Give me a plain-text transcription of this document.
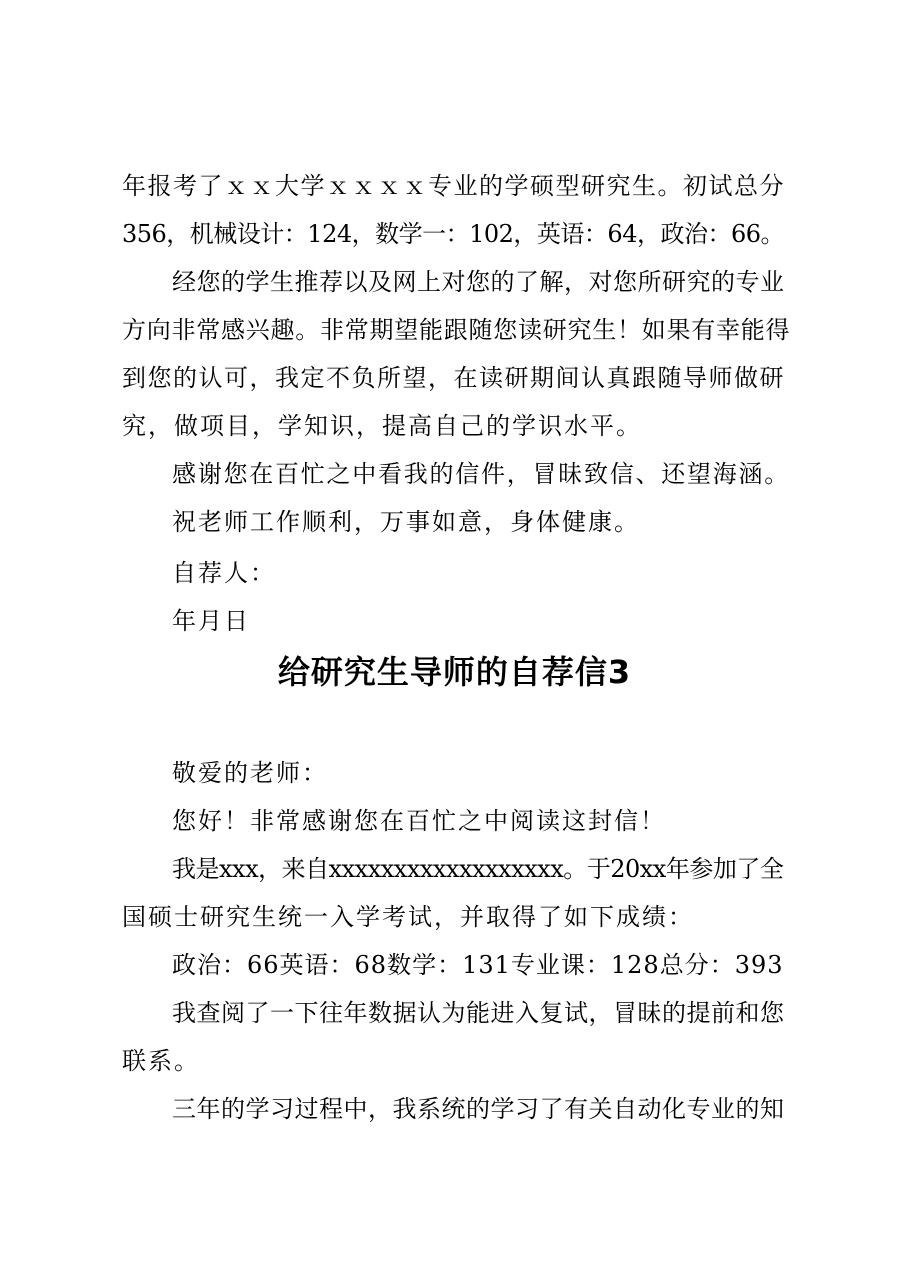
年报考了ｘｘ大学ｘｘｘｘ专业的学硕型研究生。初试总分

356，机械设计：124，数学一：102，英语：64，政治：66。

经您的学生推荐以及网上对您的了解，对您所研究的专业

方向非常感兴趣。非常期望能跟随您读研究生！如果有幸能得

到您的认可，我定不负所望，在读研期间认真跟随导师做研

究，做项目，学知识，提高自己的学识水平。

感谢您在百忙之中看我的信件，冒昧致信、还望海涵。

祝老师工作顺利，万事如意，身体健康。

自荐人：

年月日

给研究生导师的自荐信3

敬爱的老师：

您好！非常感谢您在百忙之中阅读这封信！

我是xxx，来自xxxxxxxxxxxxxxxxxx。于20xx年参加了全

国硕士研究生统一入学考试，并取得了如下成绩：

政治：66英语：68数学：131专业课：128总分：393

我查阅了一下往年数据认为能进入复试，冒昧的提前和您

联系。

三年的学习过程中，我系统的学习了有关自动化专业的知
